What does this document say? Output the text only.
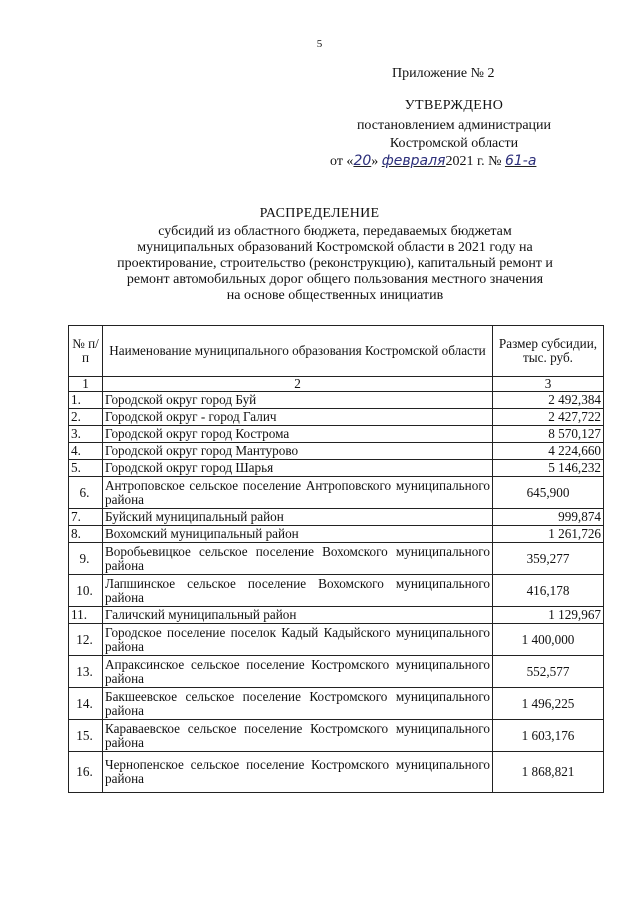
5
Приложение № 2
УТВЕРЖДЕНО
постановлением администрации
Костромской области
от «20» февраля2021 г. № 61-а
РАСПРЕДЕЛЕНИЕ
субсидий из областного бюджета, передаваемых бюджетам
муниципальных образований Костромской области в 2021 году на
проектирование, строительство (реконструкцию), капитальный ремонт и
ремонт автомобильных дорог общего пользования местного значения
на основе общественных инициатив
№ п/п	Наименование муниципального образования Костромской области	Размер субсидии, тыс. руб.
1	2	3
1.	Городской округ город Буй	2 492,384
2.	Городской округ - город Галич	2 427,722
3.	Городской округ город Кострома	8 570,127
4.	Городской округ город Мантурово	4 224,660
5.	Городской округ город Шарья	5 146,232
6.	Антроповское сельское поселение Антроповского муниципального района	645,900
7.	Буйский муниципальный район	999,874
8.	Вохомский муниципальный район	1 261,726
9.	Воробьевицкое сельское поселение Вохомского муниципального района	359,277
10.	Лапшинское сельское поселение Вохомского муниципального района	416,178
11.	Галичский муниципальный район	1 129,967
12.	Городское поселение поселок Кадый Кадыйского муниципального района	1 400,000
13.	Апраксинское сельское поселение Костромского муниципального района	552,577
14.	Бакшеевское сельское поселение Костромского муниципального района	1 496,225
15.	Караваевское сельское поселение Костромского муниципального района	1 603,176
16.	Чернопенское сельское поселение Костромского муниципального района	1 868,821
